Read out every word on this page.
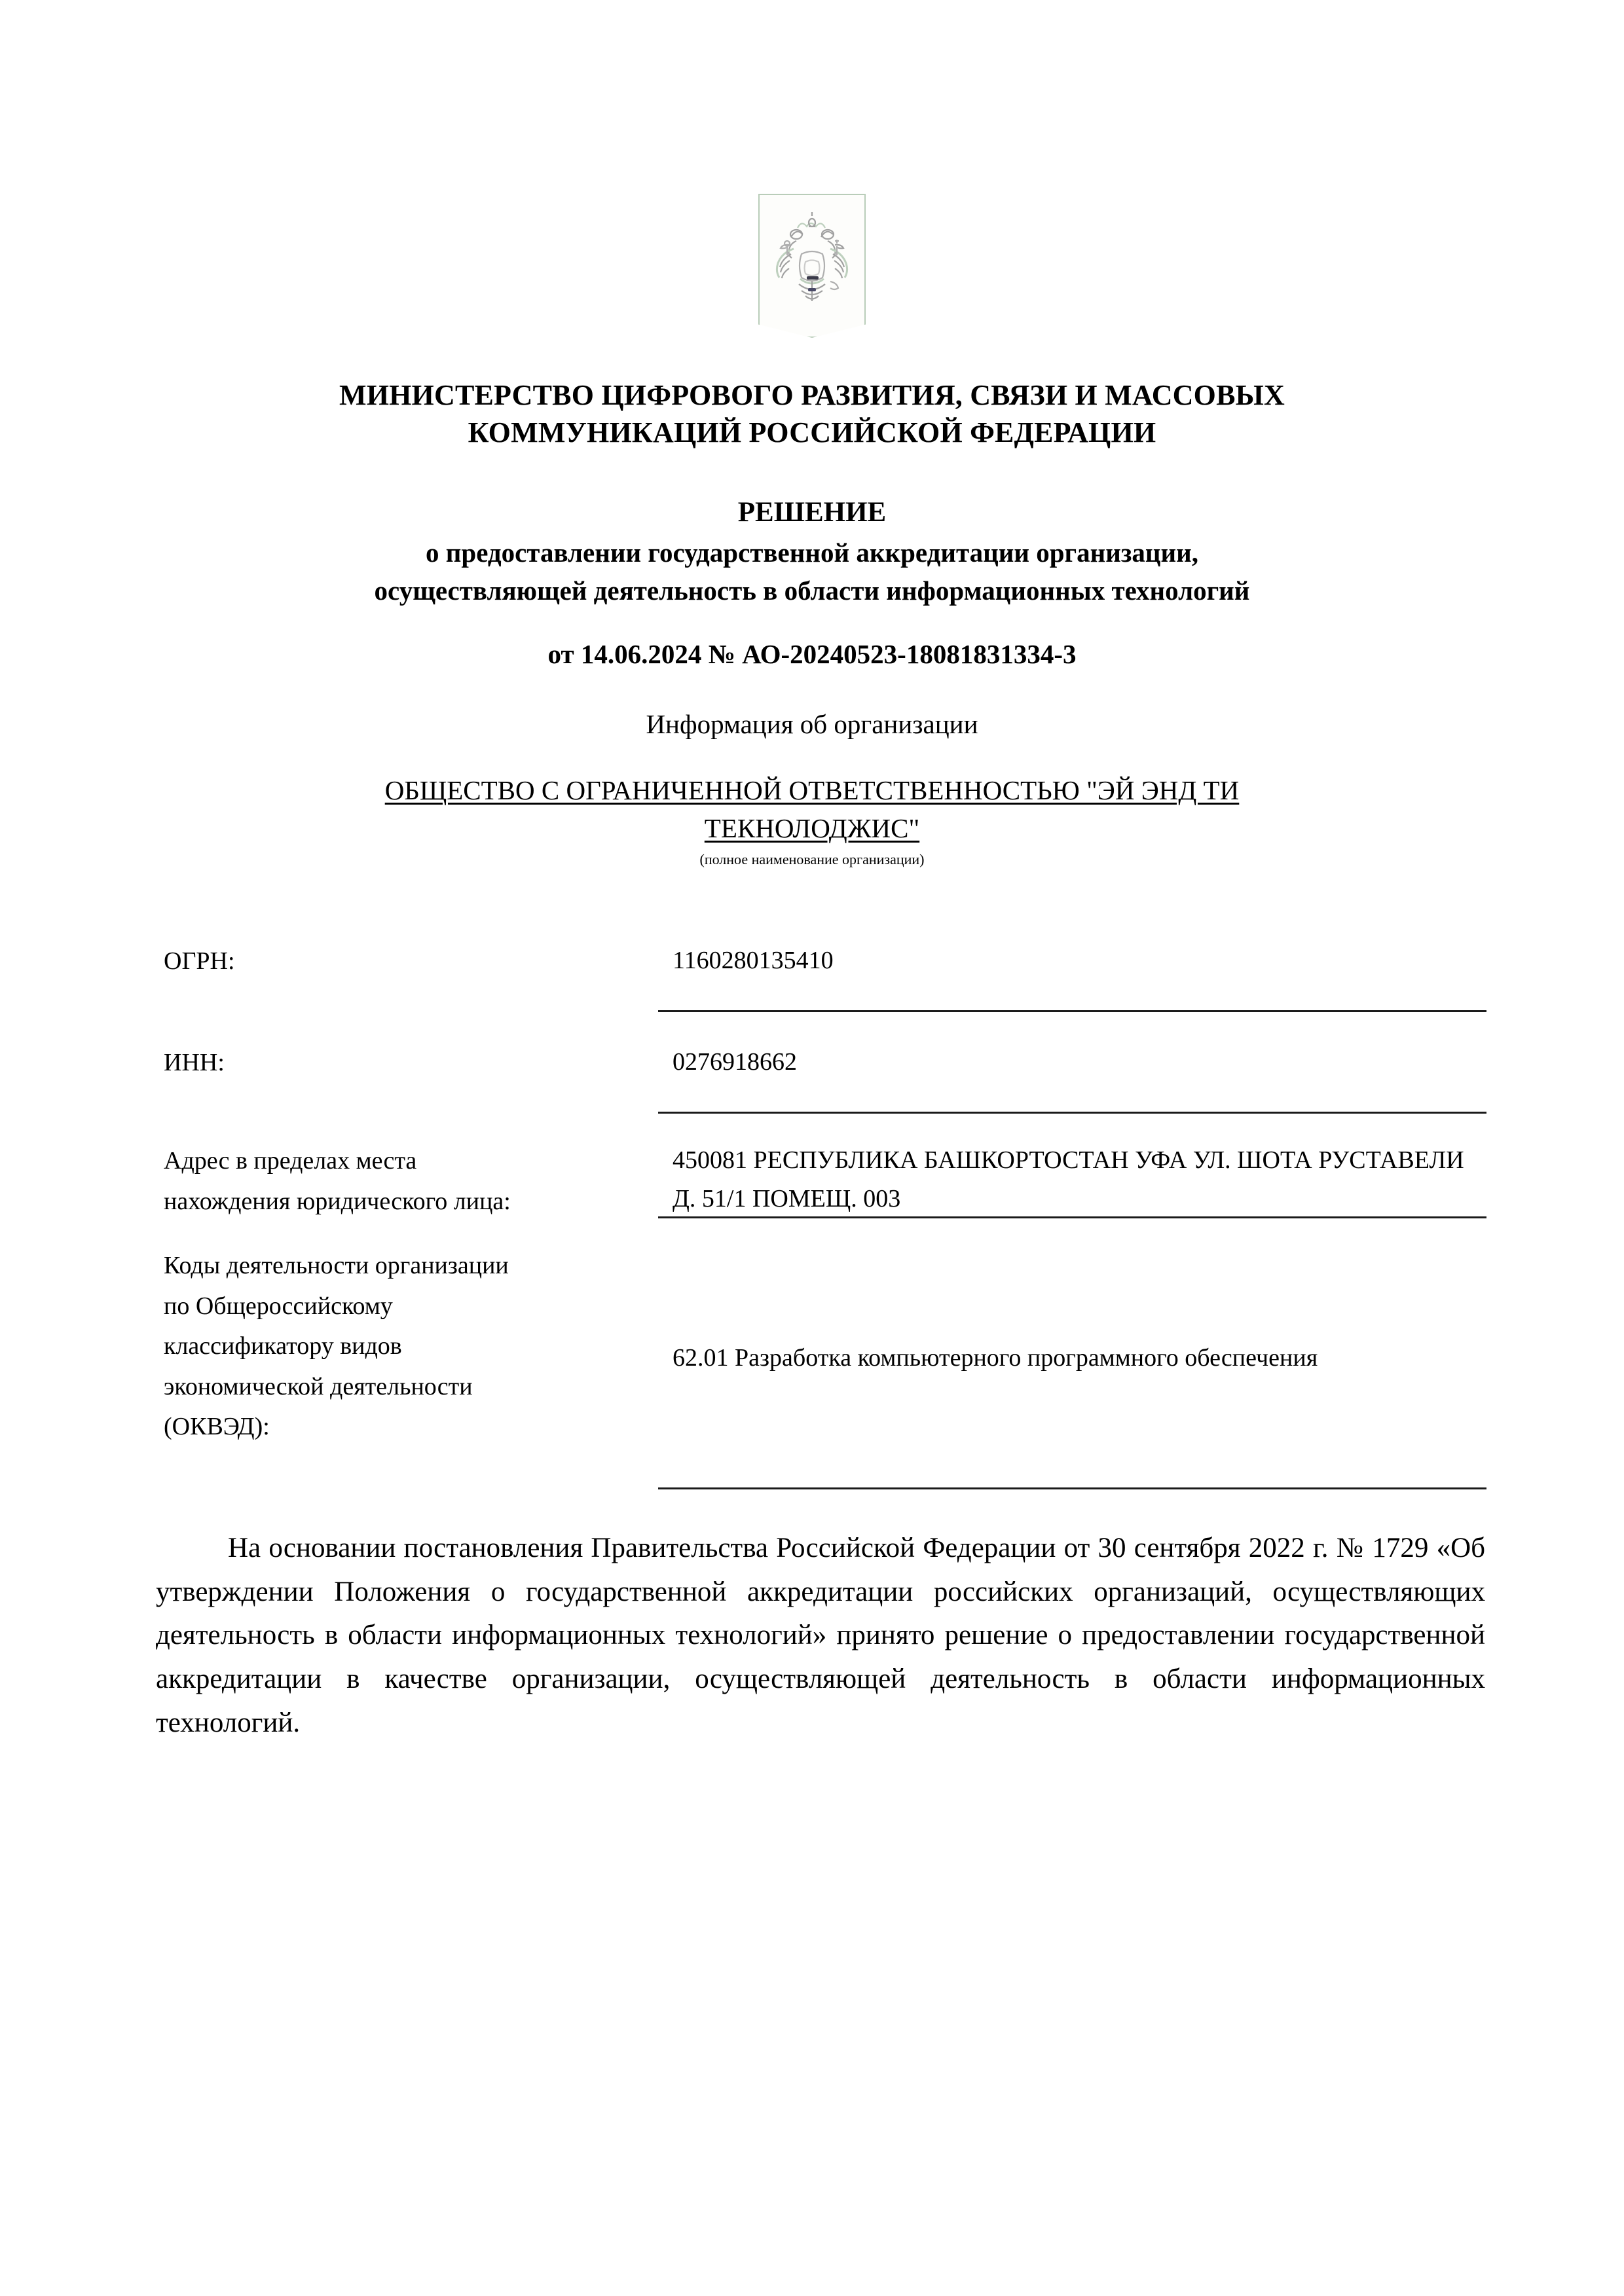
МИНИСТЕРСТВО ЦИФРОВОГО РАЗВИТИЯ, СВЯЗИ И МАССОВЫХ
КОММУНИКАЦИЙ РОССИЙСКОЙ ФЕДЕРАЦИИ
РЕШЕНИЕ
о предоставлении государственной аккредитации организации,
осуществляющей деятельность в области информационных технологий
от 14.06.2024 № АО-20240523-18081831334-3
Информация об организации
ОБЩЕСТВО С ОГРАНИЧЕННОЙ ОТВЕТСТВЕННОСТЬЮ "ЭЙ ЭНД ТИ
ТЕКНОЛОДЖИС"
(полное наименование организации)
ОГРН:	1160280135410
ИНН:	0276918662
Адрес в пределах места
нахождения юридического лица:
450081 РЕСПУБЛИКА БАШКОРТОСТАН УФА УЛ. ШОТА РУСТАВЕЛИ Д. 51/1 ПОМЕЩ. 003
Коды деятельности организации
по Общероссийскому
классификатору видов
экономической деятельности
(ОКВЭД):
62.01 Разработка компьютерного программного обеспечения
На основании постановления Правительства Российской Федерации от 30 сентября 2022 г. № 1729 «Об утверждении Положения о государственной аккредитации российских организаций, осуществляющих деятельность в области информационных технологий» принято решение о предоставлении государственной аккредитации в качестве организации, осуществляющей деятельность в области информационных технологий.
